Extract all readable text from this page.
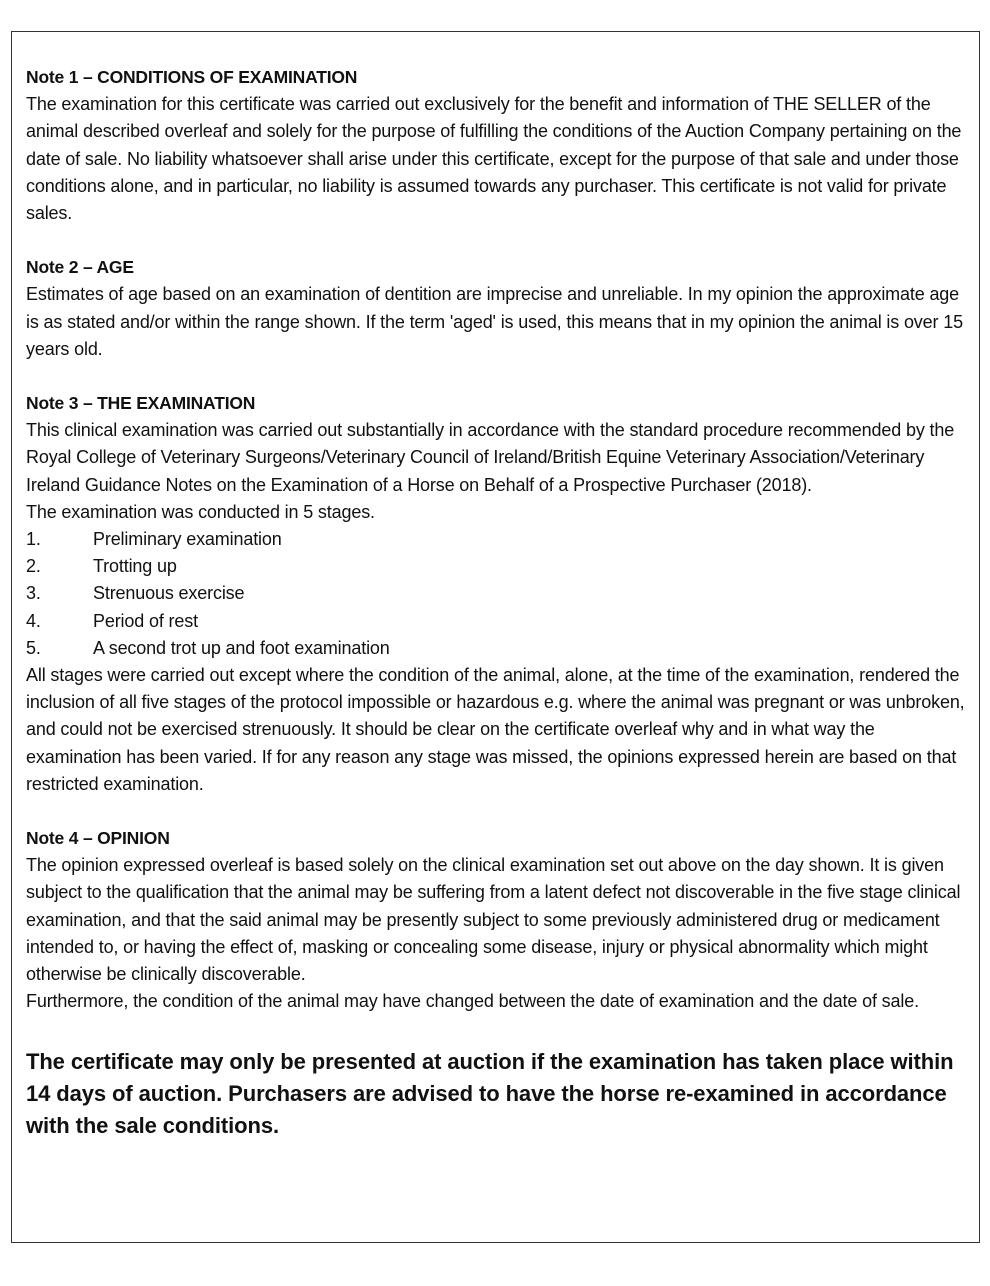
Note 1 – CONDITIONS OF EXAMINATION

The examination for this certificate was carried out exclusively for the benefit and information of THE SELLER of the animal described overleaf and solely for the purpose of fulfilling the conditions of the Auction Company pertaining on the date of sale. No liability whatsoever shall arise under this certificate, except for the purpose of that sale and under those conditions alone, and in particular, no liability is assumed towards any purchaser. This certificate is not valid for private sales.

Note 2 – AGE

Estimates of age based on an examination of dentition are imprecise and unreliable. In my opinion the approximate age is as stated and/or within the range shown. If the term 'aged' is used, this means that in my opinion the animal is over 15 years old.

Note 3 – THE EXAMINATION

This clinical examination was carried out substantially in accordance with the standard procedure recommended by the Royal College of Veterinary Surgeons/Veterinary Council of Ireland/British Equine Veterinary Association/Veterinary Ireland Guidance Notes on the Examination of a Horse on Behalf of a Prospective Purchaser (2018).

The examination was conducted in 5 stages.

1.	Preliminary examination
2.	Trotting up
3.	Strenuous exercise
4.	Period of rest
5.	A second trot up and foot examination

All stages were carried out except where the condition of the animal, alone, at the time of the examination, rendered the inclusion of all five stages of the protocol impossible or hazardous e.g. where the animal was pregnant or was unbroken, and could not be exercised strenuously. It should be clear on the certificate overleaf why and in what way the examination has been varied. If for any reason any stage was missed, the opinions expressed herein are based on that restricted examination.

Note 4 – OPINION

The opinion expressed overleaf is based solely on the clinical examination set out above on the day shown. It is given subject to the qualification that the animal may be suffering from a latent defect not discoverable in the five stage clinical examination, and that the said animal may be presently subject to some previously administered drug or medicament intended to, or having the effect of, masking or concealing some disease, injury or physical abnormality which might otherwise be clinically discoverable.

Furthermore, the condition of the animal may have changed between the date of examination and the date of sale.

The certificate may only be presented at auction if the examination has taken place within 14 days of auction. Purchasers are advised to have the horse re-examined in accordance with the sale conditions.
